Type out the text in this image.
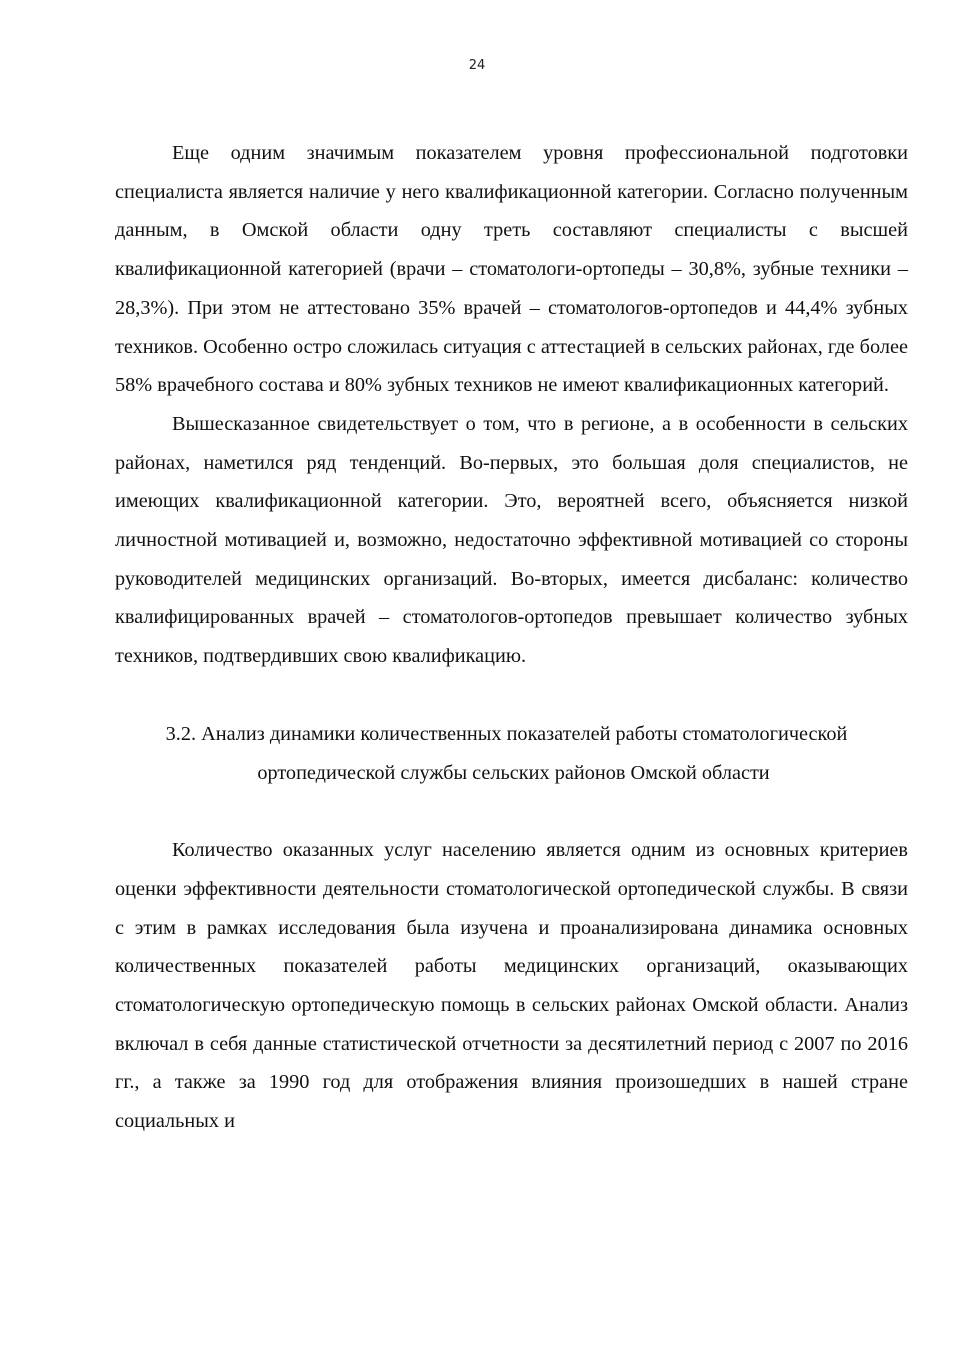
24

Еще одним значимым показателем уровня профессиональной подготовки специалиста является наличие у него квалификационной категории. Согласно полученным данным, в Омской области одну треть составляют специалисты с высшей квалификационной категорией (врачи – стоматологи-ортопеды – 30,8%, зубные техники – 28,3%). При этом не аттестовано 35% врачей – стоматологов-ортопедов и 44,4% зубных техников. Особенно остро сложилась ситуация с аттестацией в сельских районах, где более 58% врачебного состава и 80% зубных техников не имеют квалификационных категорий.

Вышесказанное свидетельствует о том, что в регионе, а в особенности в сельских районах, наметился ряд тенденций. Во-первых, это большая доля специалистов, не имеющих квалификационной категории. Это, вероятней всего, объясняется низкой личностной мотивацией и, возможно, недостаточно эффективной мотивацией со стороны руководителей медицинских организаций. Во-вторых, имеется дисбаланс: количество квалифицированных врачей – стоматологов-ортопедов превышает количество зубных техников, подтвердивших свою квалификацию.

3.2. Анализ динамики количественных показателей работы стоматологической
ортопедической службы сельских районов Омской области

Количество оказанных услуг населению является одним из основных критериев оценки эффективности деятельности стоматологической ортопедической службы. В связи с этим в рамках исследования была изучена и проанализирована динамика основных количественных показателей работы медицинских организаций, оказывающих стоматологическую ортопедическую помощь в сельских районах Омской области. Анализ включал в себя данные статистической отчетности за десятилетний период с 2007 по 2016 гг., а также за 1990 год для отображения влияния произошедших в нашей стране социальных и
